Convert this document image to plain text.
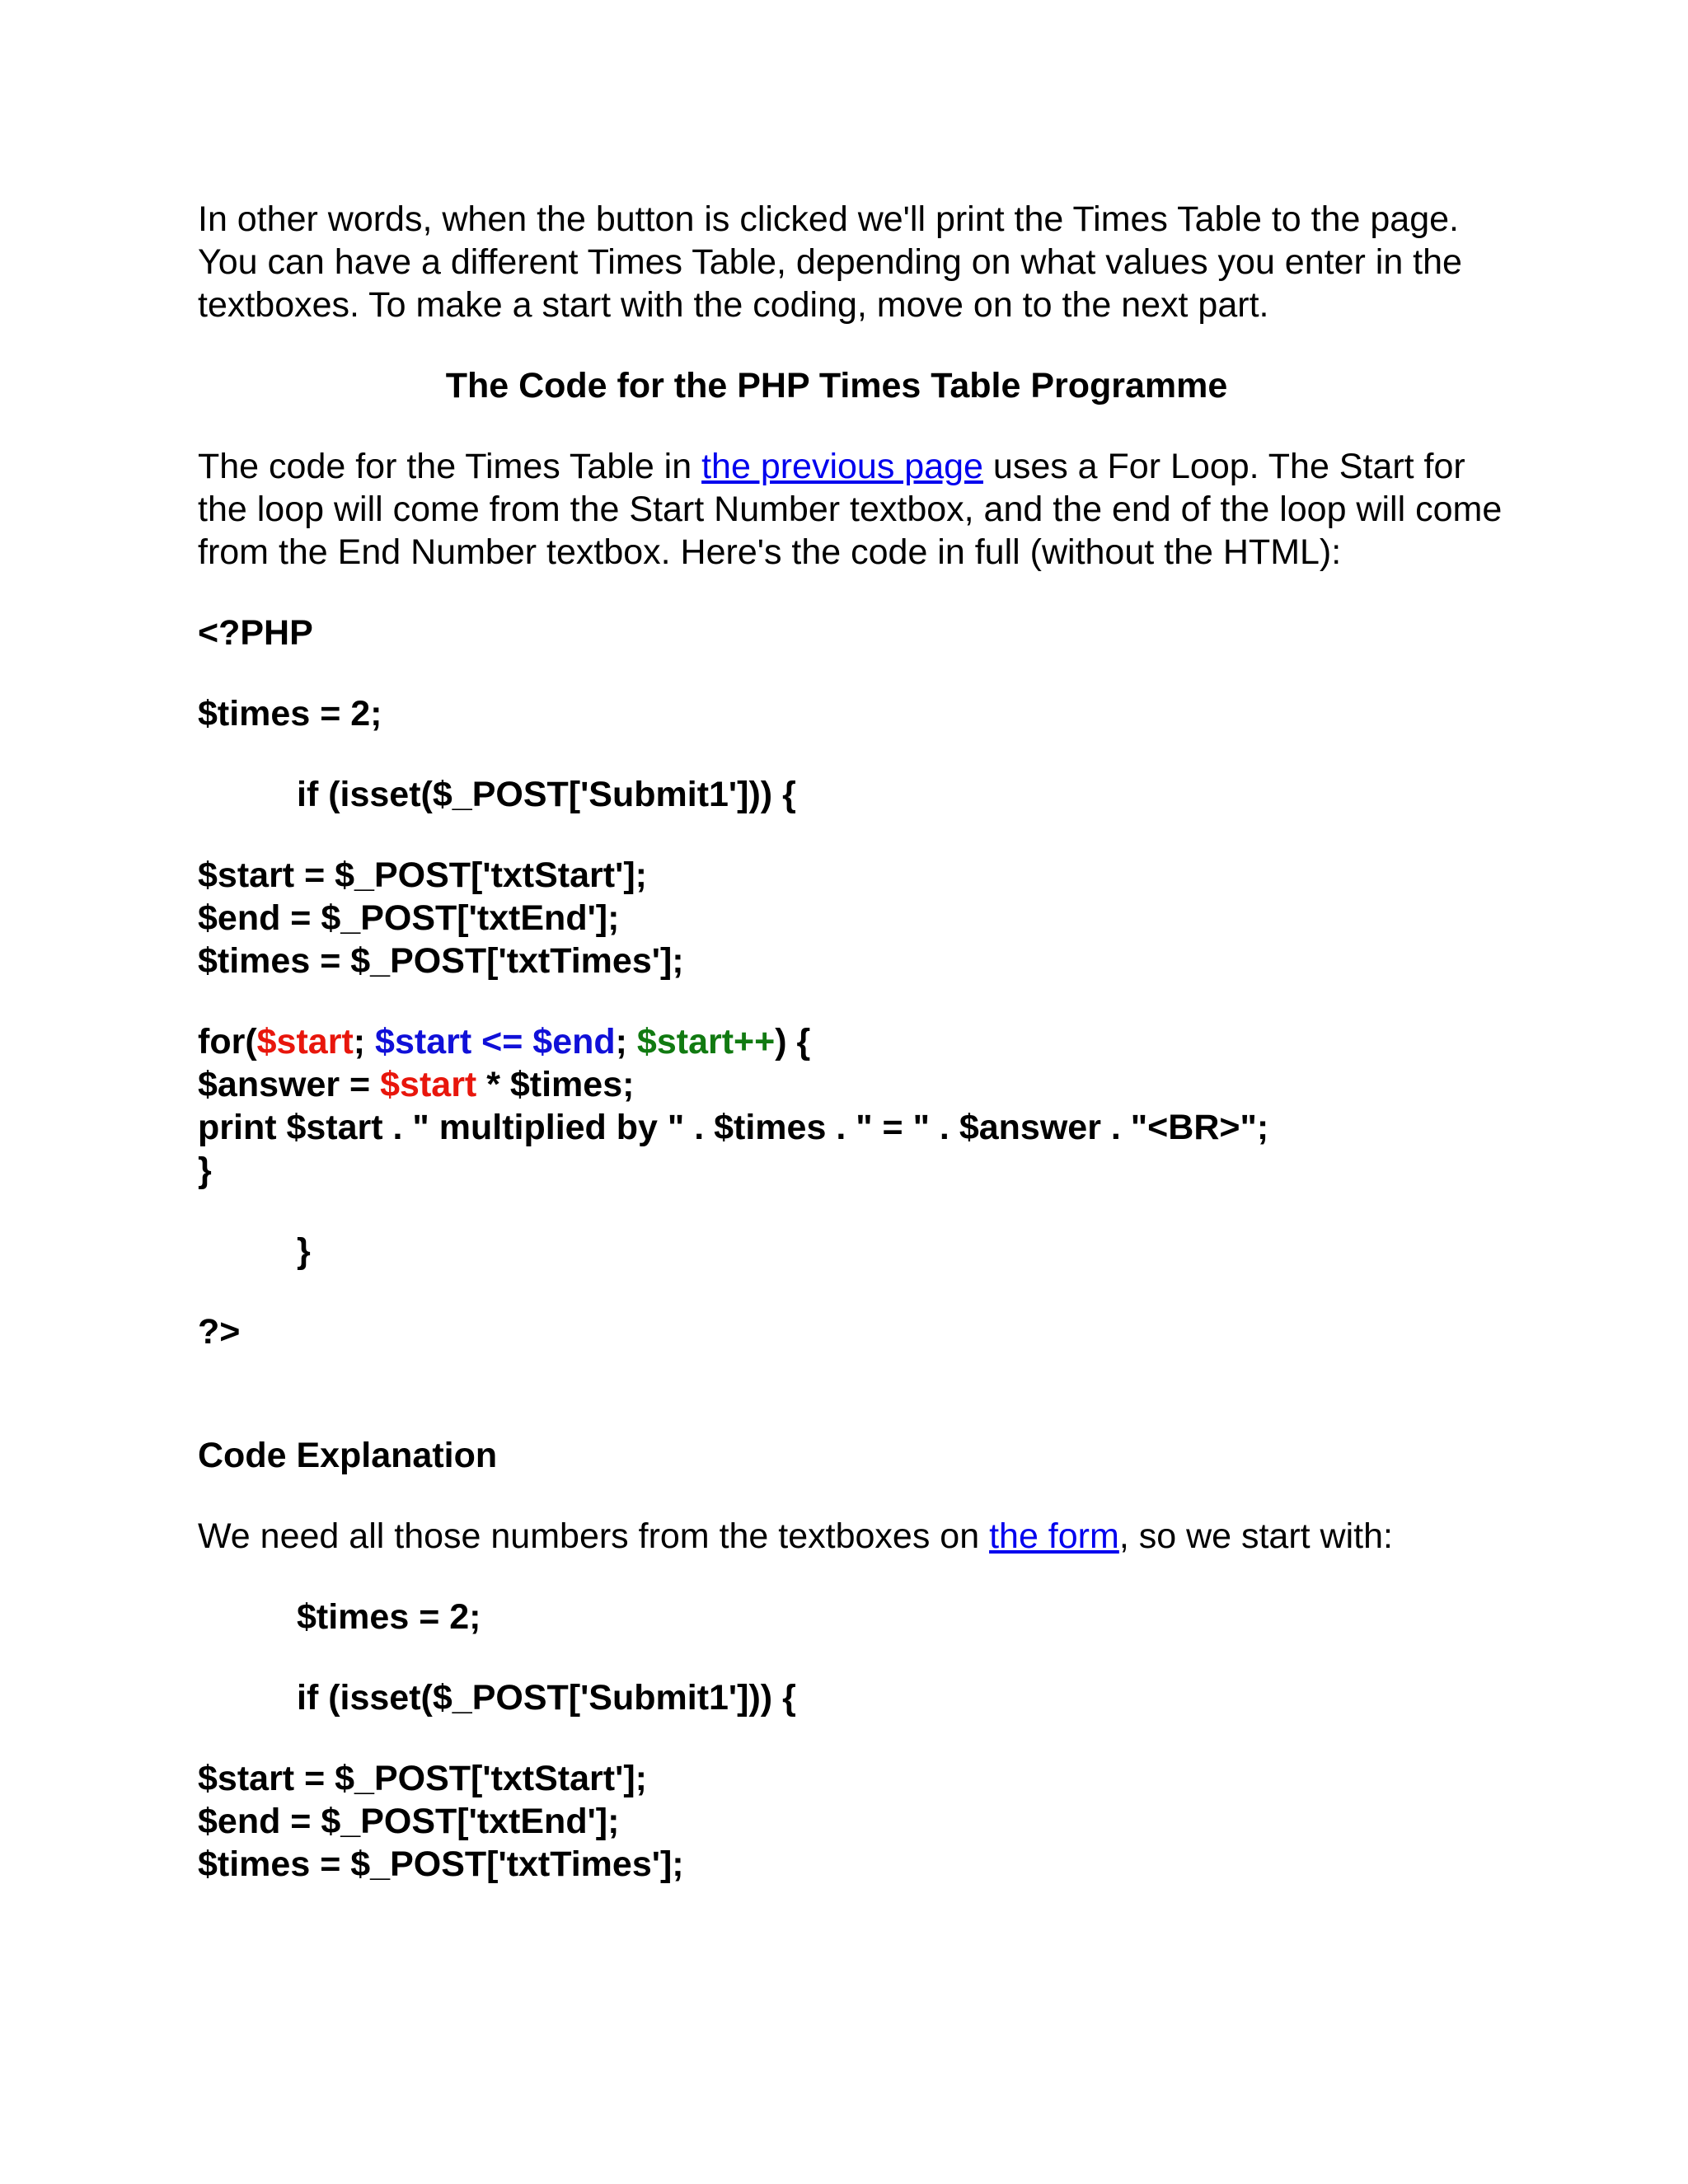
In other words, when the button is clicked we'll print the Times Table to the page. You can have a different Times Table, depending on what values you enter in the textboxes. To make a start with the coding, move on to the next part.

The Code for the PHP Times Table Programme

The code for the Times Table in the previous page uses a For Loop. The Start for the loop will come from the Start Number textbox, and the end of the loop will come from the End Number textbox. Here's the code in full (without the HTML):

<?PHP

$times = 2;

if (isset($_POST['Submit1'])) {

$start = $_POST['txtStart'];

$end = $_POST['txtEnd'];

$times = $_POST['txtTimes'];

for($start; $start <= $end; $start++) {

$answer = $start * $times;

print $start . " multiplied by " . $times . " = " . $answer . "<BR>";

}

}

?>

Code Explanation

We need all those numbers from the textboxes on the form, so we start with:

$times = 2;

if (isset($_POST['Submit1'])) {

$start = $_POST['txtStart'];

$end = $_POST['txtEnd'];

$times = $_POST['txtTimes'];
